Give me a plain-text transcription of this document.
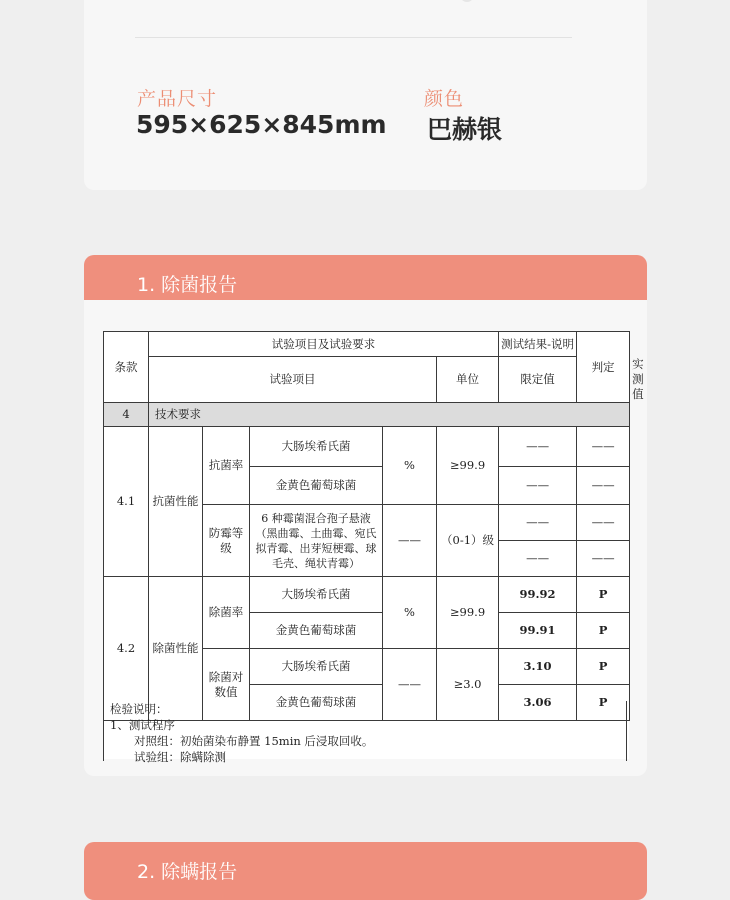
产品尺寸
595×625×845mm
颜色
巴赫银
1. 除菌报告
条款	试验项目及试验要求					测试结果-说明	判定	
	试验项目				单位	限定值	
4	技术要求							
4.1	抗菌性能	抗菌率	大肠埃希氏菌	%	≥99.9	——	——	
			金黄色葡萄球菌			——	——	
		防霉等级	6 种霉菌混合孢子悬液（黑曲霉、土曲霉、宛氏拟青霉、出芽短梗霉、球毛壳、绳状青霉）	——	（0-1）级	——	——	
						——	——	
4.2	除菌性能	除菌率	大肠埃希氏菌	%	≥99.9	99.92	P	
			金黄色葡萄球菌			99.91	P	
		除菌对数值	大肠埃希氏菌	——	≥3.0	3.10	P	
			金黄色葡萄球菌			3.06	P	
检验说明：
1、测试程序
对照组：初始菌染布静置 15min 后浸取回收。
试验组：除螨除测
2. 除螨报告
